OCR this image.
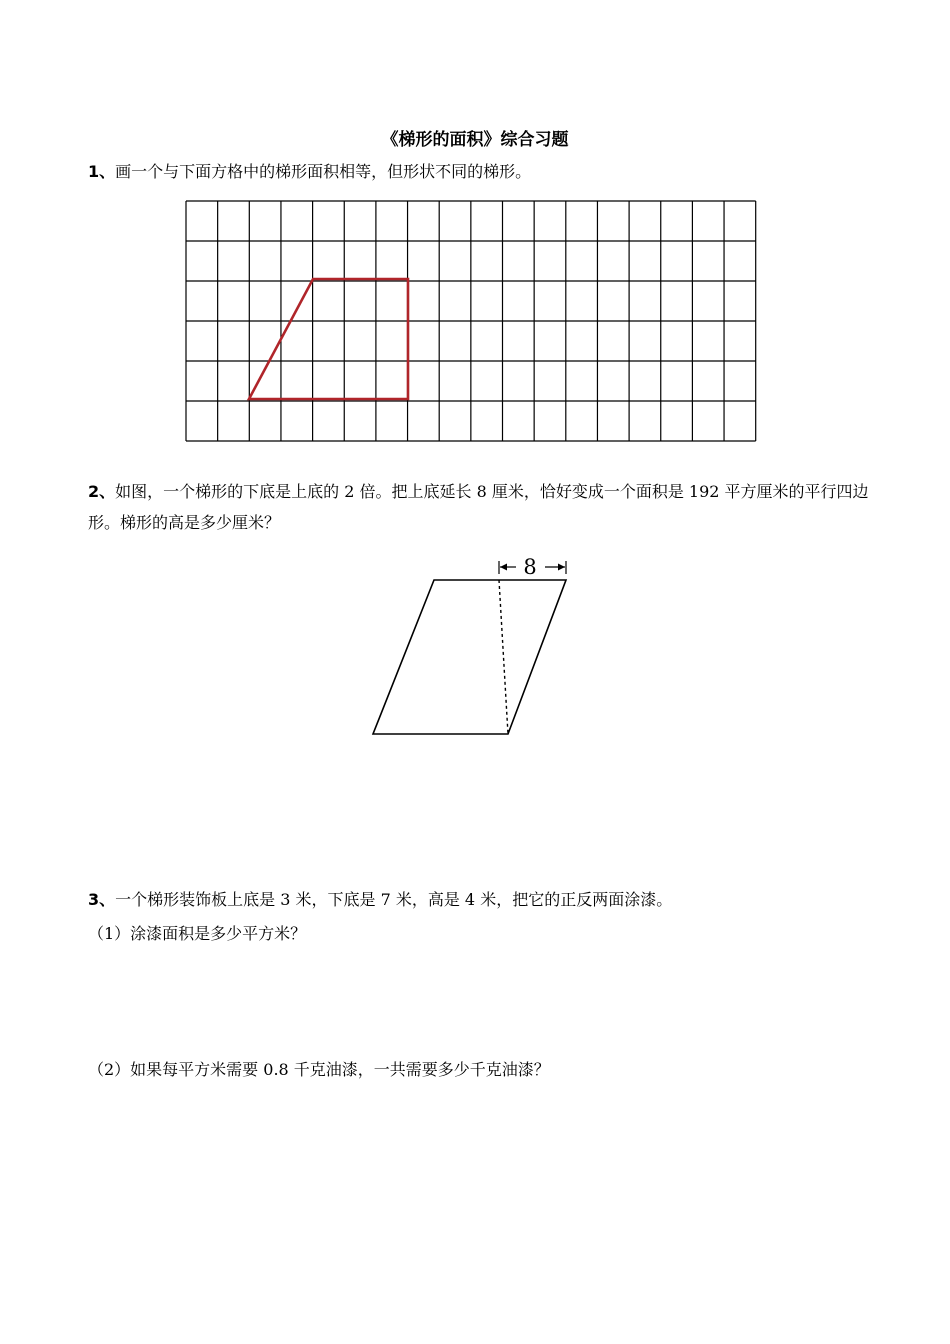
《梯形的面积》综合习题

1、画一个与下面方格中的梯形面积相等，但形状不同的梯形。

2、如图，一个梯形的下底是上底的 2 倍。把上底延长 8 厘米，恰好变成一个面积是 192 平方厘米的平行四边形。梯形的高是多少厘米？

8

3、一个梯形装饰板上底是 3 米，下底是 7 米，高是 4 米，把它的正反两面涂漆。

（1）涂漆面积是多少平方米？

（2）如果每平方米需要 0.8 千克油漆，一共需要多少千克油漆？
